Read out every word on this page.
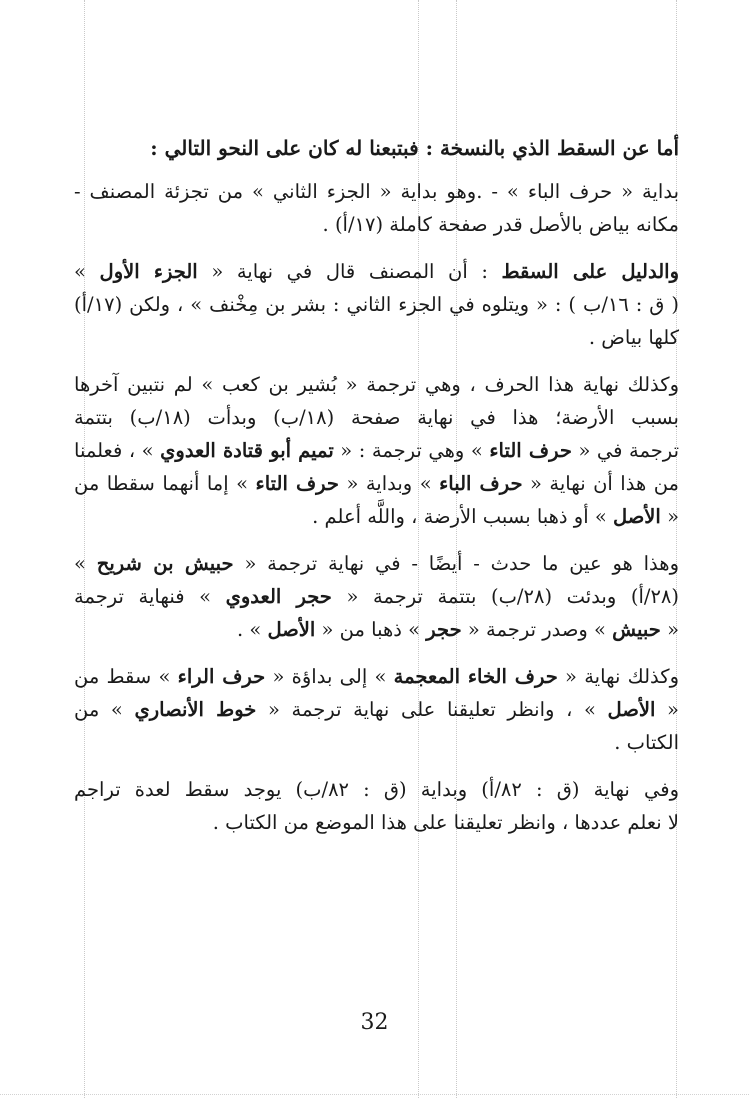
أما عن السقط الذي بالنسخة : فبتبعنا له كان على النحو التالي :

بداية « حرف الباء » - .وهو بداية « الجزء الثاني » من تجزئة المصنف -
مكانه بياض بالأصل قدر صفحة كاملة (١٧/أ) .

والدليل على السقط : أن المصنف قال في نهاية « الجزء الأول »
( ق : ١٦/ب ) : « ويتلوه في الجزء الثاني : بشر بن مِخْنف » ، ولكن (١٧/أ)
كلها بياض .

وكذلك نهاية هذا الحرف ، وهي ترجمة « بُشير بن كعب » لم نتبين آخرها
بسبب الأرضة؛ هذا في نهاية صفحة (١٨/ب) وبدأت (١٨/ب) بتتمة
ترجمة في « حرف التاء » وهي ترجمة : « تميم أبو قتادة العدوي » ، فعلمنا
من هذا أن نهاية « حرف الباء » وبداية « حرف التاء » إما أنهما سقطا من
« الأصل » أو ذهبا بسبب الأرضة ، واللَّه أعلم .

وهذا هو عين ما حدث - أيضًا - في نهاية ترجمة « حبيش بن شريح »
(٢٨/أ) وبدئت (٢٨/ب) بتتمة ترجمة « حجر العدوي » فنهاية ترجمة
« حبيش » وصدر ترجمة « حجر » ذهبا من « الأصل » .

وكذلك نهاية « حرف الخاء المعجمة » إلى بداؤة « حرف الراء » سقط من
« الأصل » ، وانظر تعليقنا على نهاية ترجمة « خوط الأنصاري » من
الكتاب .

وفي نهاية (ق : ٨٢/أ) وبداية (ق : ٨٢/ب) يوجد سقط لعدة تراجم
لا نعلم عددها ، وانظر تعليقنا على هذا الموضع من الكتاب .

32
